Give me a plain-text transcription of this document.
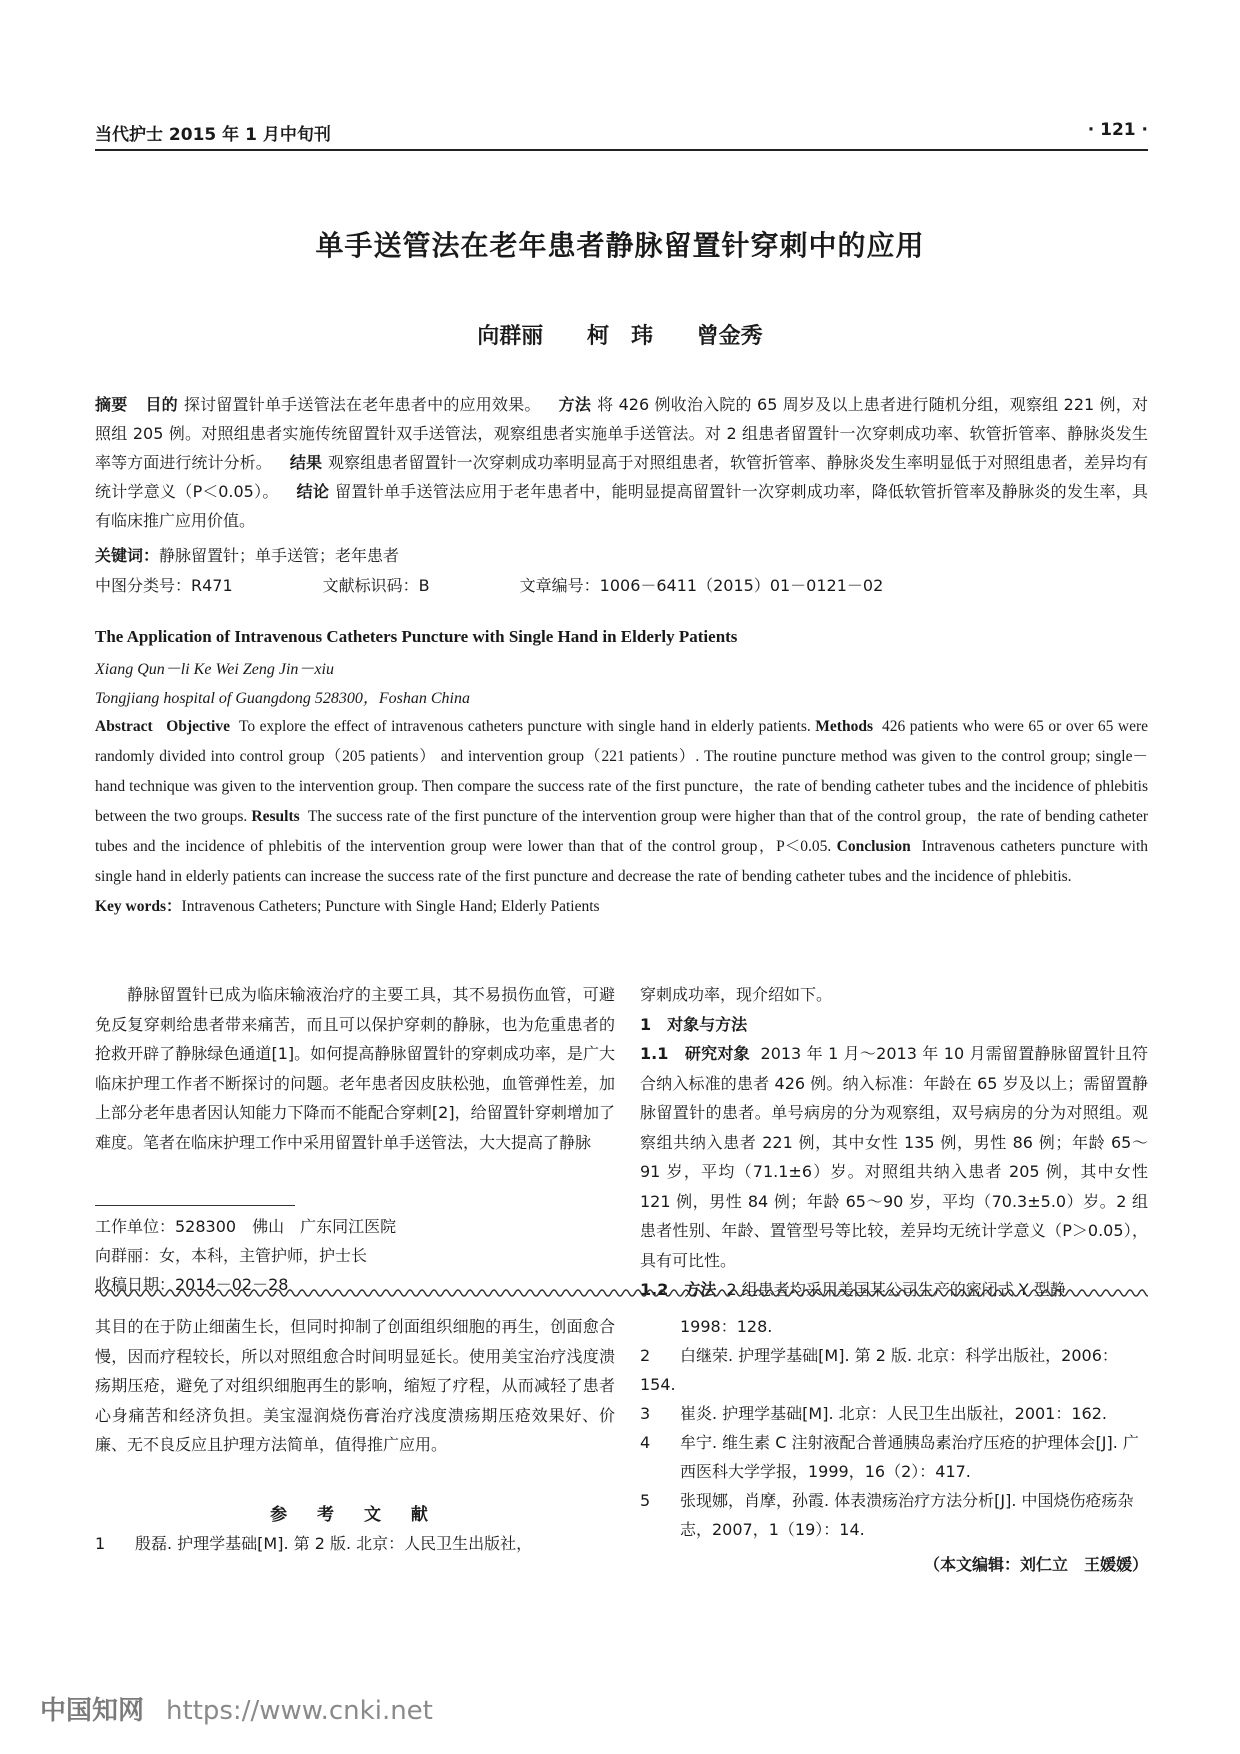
当代护士 2015 年 1 月中旬刊	· 121 ·
单手送管法在老年患者静脉留置针穿刺中的应用
向群丽 柯　玮 曾金秀
摘要 目的 探讨留置针单手送管法在老年患者中的应用效果。 方法 将 426 例收治入院的 65 周岁及以上患者进行随机分组，观察组 221 例，对照组 205 例。对照组患者实施传统留置针双手送管法，观察组患者实施单手送管法。对 2 组患者留置针一次穿刺成功率、软管折管率、静脉炎发生率等方面进行统计分析。 结果 观察组患者留置针一次穿刺成功率明显高于对照组患者，软管折管率、静脉炎发生率明显低于对照组患者，差异均有统计学意义（P＜0.05）。 结论 留置针单手送管法应用于老年患者中，能明显提高留置针一次穿刺成功率，降低软管折管率及静脉炎的发生率，具有临床推广应用价值。
关键词：静脉留置针；单手送管；老年患者
中图分类号：R471	文献标识码：B	文章编号：1006－6411（2015）01－0121－02
The Application of Intravenous Catheters Puncture with Single Hand in Elderly Patients
Xiang Qun－li Ke Wei Zeng Jin－xiu
Tongjiang hospital of Guangdong 528300，Foshan China
Abstract Objective To explore the effect of intravenous catheters puncture with single hand in elderly patients. Methods 426 patients who were 65 or over 65 were randomly divided into control group（205 patients） and intervention group（221 patients）. The routine puncture method was given to the control group; single－hand technique was given to the intervention group. Then compare the success rate of the first puncture，the rate of bending catheter tubes and the incidence of phlebitis between the two groups. Results The success rate of the first puncture of the intervention group were higher than that of the control group，the rate of bending catheter tubes and the incidence of phlebitis of the intervention group were lower than that of the control group，P＜0.05. Conclusion Intravenous catheters puncture with single hand in elderly patients can increase the success rate of the first puncture and decrease the rate of bending catheter tubes and the incidence of phlebitis.
Key words：Intravenous Catheters; Puncture with Single Hand; Elderly Patients

静脉留置针已成为临床输液治疗的主要工具，其不易损伤血管，可避免反复穿刺给患者带来痛苦，而且可以保护穿刺的静脉，也为危重患者的抢救开辟了静脉绿色通道[1]。如何提高静脉留置针的穿刺成功率，是广大临床护理工作者不断探讨的问题。老年患者因皮肤松弛，血管弹性差，加上部分老年患者因认知能力下降而不能配合穿刺[2]，给留置针穿刺增加了难度。笔者在临床护理工作中采用留置针单手送管法，大大提高了静脉

穿刺成功率，现介绍如下。

1　对象与方法

1.1　研究对象 2013 年 1 月～2013 年 10 月需留置静脉留置针且符合纳入标准的患者 426 例。纳入标准：年龄在 65 岁及以上；需留置静脉留置针的患者。单号病房的分为观察组，双号病房的分为对照组。观察组共纳入患者 221 例，其中女性 135 例，男性 86 例；年龄 65～91 岁，平均（71.1±6）岁。对照组共纳入患者 205 例，其中女性 121 例，男性 84 例；年龄 65～90 岁，平均（70.3±5.0）岁。2 组患者性别、年龄、置管型号等比较，差异均无统计学意义（P＞0.05），具有可比性。

1.2　方法 2 组患者均采用美国某公司生产的密闭式 Y 型静

工作单位：528300　佛山　广东同江医院
向群丽：女，本科，主管护师，护士长
收稿日期：2014－02－28

其目的在于防止细菌生长，但同时抑制了创面组织细胞的再生，创面愈合慢，因而疗程较长，所以对照组愈合时间明显延长。使用美宝治疗浅度溃疡期压疮，避免了对组织细胞再生的影响，缩短了疗程，从而减轻了患者心身痛苦和经济负担。美宝湿润烧伤膏治疗浅度溃疡期压疮效果好、价廉、无不良反应且护理方法简单，值得推广应用。

参 考 文 献
1 殷磊. 护理学基础[M]. 第 2 版. 北京：人民卫生出版社，
1998：128.
2 白继荣. 护理学基础[M]. 第 2 版. 北京：科学出版社，2006：154.
3 崔炎. 护理学基础[M]. 北京：人民卫生出版社，2001：162.
4	牟宁. 维生素 C 注射液配合普通胰岛素治疗压疮的护理体会[J]. 广西医科大学学报，1999，16（2）：417.
5	张现娜，肖摩，孙霞. 体表溃疡治疗方法分析[J]. 中国烧伤疮疡杂志，2007，1（19）：14.
（本文编辑：刘仁立　王媛媛）
中国知网 https://www.cnki.net
